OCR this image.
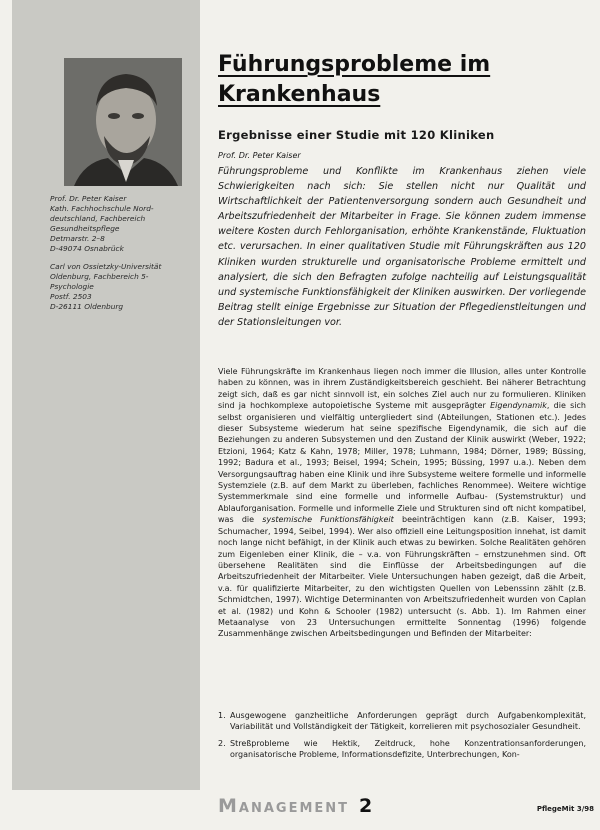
Prof. Dr. Peter Kaiser
Kath. Fachhochschule Nord-
deutschland, Fachbereich
Gesundheitspflege
Detmarstr. 2–8
D-49074 Osnabrück

Carl von Ossietzky-Universität
Oldenburg, Fachbereich 5-
Psychologie
Postf. 2503
D-26111 Oldenburg

Führungsprobleme im
Krankenhaus
Ergebnisse einer Studie mit 120 Kliniken
Prof. Dr. Peter Kaiser

Führungsprobleme und Konflikte im Krankenhaus ziehen viele Schwierigkeiten nach sich: Sie stellen nicht nur Qualität und Wirtschaftlichkeit der Patientenversorgung sondern auch Gesundheit und Arbeitszufriedenheit der Mitarbeiter in Frage. Sie können zudem immense weitere Kosten durch Fehlorganisation, erhöhte Krankenstände, Fluktuation etc. verursachen. In einer qualitativen Studie mit Führungskräften aus 120 Kliniken wurden strukturelle und organisatorische Probleme ermittelt und analysiert, die sich den Befragten zufolge nachteilig auf Leistungsqualität und systemische Funktionsfähigkeit der Kliniken auswirken. Der vorliegende Beitrag stellt einige Ergebnisse zur Situation der Pflegedienstleitungen und der Stationsleitungen vor.

Viele Führungskräfte im Krankenhaus liegen noch immer die Illusion, alles unter Kontrolle haben zu können, was in ihrem Zuständigkeitsbereich geschieht. Bei näherer Betrachtung zeigt sich, daß es gar nicht sinnvoll ist, ein solches Ziel auch nur zu formulieren. Kliniken sind ja hochkomplexe autopoietische Systeme mit ausgeprägter Eigendynamik, die sich selbst organisieren und vielfältig untergliedert sind (Abteilungen, Stationen etc.). Jedes dieser Subsysteme wiederum hat seine spezifische Eigendynamik, die sich auf die Beziehungen zu anderen Subsystemen und den Zustand der Klinik auswirkt (Weber, 1922; Etzioni, 1964; Katz & Kahn, 1978; Miller, 1978; Luhmann, 1984; Dörner, 1989; Büssing, 1992; Badura et al., 1993; Beisel, 1994; Schein, 1995; Büssing, 1997 u.a.). Neben dem Versorgungsauftrag haben eine Klinik und ihre Subsysteme weitere formelle und informelle Systemziele (z.B. auf dem Markt zu überleben, fachliches Renommee). Weitere wichtige Systemmerkmale sind eine formelle und informelle Aufbau- (Systemstruktur) und Ablauforganisation. Formelle und informelle Ziele und Strukturen sind oft nicht kompatibel, was die systemische Funktionsfähigkeit beeinträchtigen kann (z.B. Kaiser, 1993; Schumacher, 1994, Seibel, 1994). Wer also offiziell eine Leitungsposition innehat, ist damit noch lange nicht befähigt, in der Klinik auch etwas zu bewirken. Solche Realitäten gehören zum Eigenleben einer Klinik, die – v.a. von Führungskräften – ernstzunehmen sind. Oft übersehene Realitäten sind die Einflüsse der Arbeitsbedingungen auf die Arbeitszufriedenheit der Mitarbeiter. Viele Untersuchungen haben gezeigt, daß die Arbeit, v.a. für qualifizierte Mitarbeiter, zu den wichtigsten Quellen von Lebenssinn zählt (z.B. Schmidtchen, 1997). Wichtige Determinanten von Arbeitszufriedenheit wurden von Caplan et al. (1982) und Kohn & Schooler (1982) untersucht (s. Abb. 1). Im Rahmen einer Metaanalyse von 23 Untersuchungen ermittelte Sonnentag (1996) folgende Zusammenhänge zwischen Arbeitsbedingungen und Befinden der Mitarbeiter:

1. Ausgewogene ganzheitliche Anforderungen geprägt durch Aufgabenkomplexität, Variabilität und Vollständigkeit der Tätigkeit, korrelieren mit psychosozialer Gesundheit.
2. Streßprobleme wie Hektik, Zeitdruck, hohe Konzentrationsanforderungen, organisatorische Probleme, Informationsdefizite, Unterbrechungen, Kon-
Management 2	PflegeMit 3/98
